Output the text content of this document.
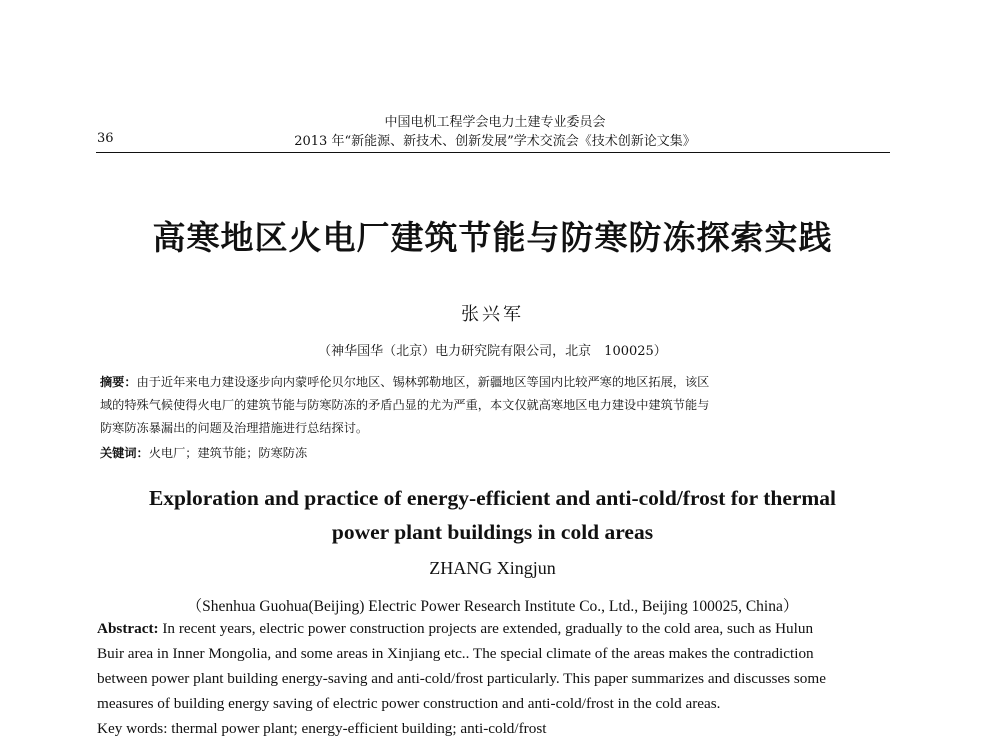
中国电机工程学会电力土建专业委员会
36	2013 年“新能源、新技术、创新发展”学术交流会《技术创新论文集》
高寒地区火电厂建筑节能与防寒防冻探索实践
张兴军
（神华国华（北京）电力研究院有限公司，北京　100025）
摘要：由于近年来电力建设逐步向内蒙呼伦贝尔地区、锡林郭勒地区，新疆地区等国内比较严寒的地区拓展，该区
域的特殊气候使得火电厂的建筑节能与防寒防冻的矛盾凸显的尤为严重，本文仅就高寒地区电力建设中建筑节能与
防寒防冻暴漏出的问题及治理措施进行总结探讨。
关键词：火电厂；建筑节能；防寒防冻
Exploration and practice of energy-efficient and anti-cold/frost for thermal
power plant buildings in cold areas
ZHANG Xingjun
（Shenhua Guohua(Beijing) Electric Power Research Institute Co., Ltd., Beijing 100025, China）
Abstract: In recent years, electric power construction projects are extended, gradually to the cold area, such as Hulun
Buir area in Inner Mongolia, and some areas in Xinjiang etc.. The special climate of the areas makes the contradiction
between power plant building energy-saving and anti-cold/frost particularly. This paper summarizes and discusses some
measures of building energy saving of electric power construction and anti-cold/frost in the cold areas.
Key words: thermal power plant; energy-efficient building; anti-cold/frost
